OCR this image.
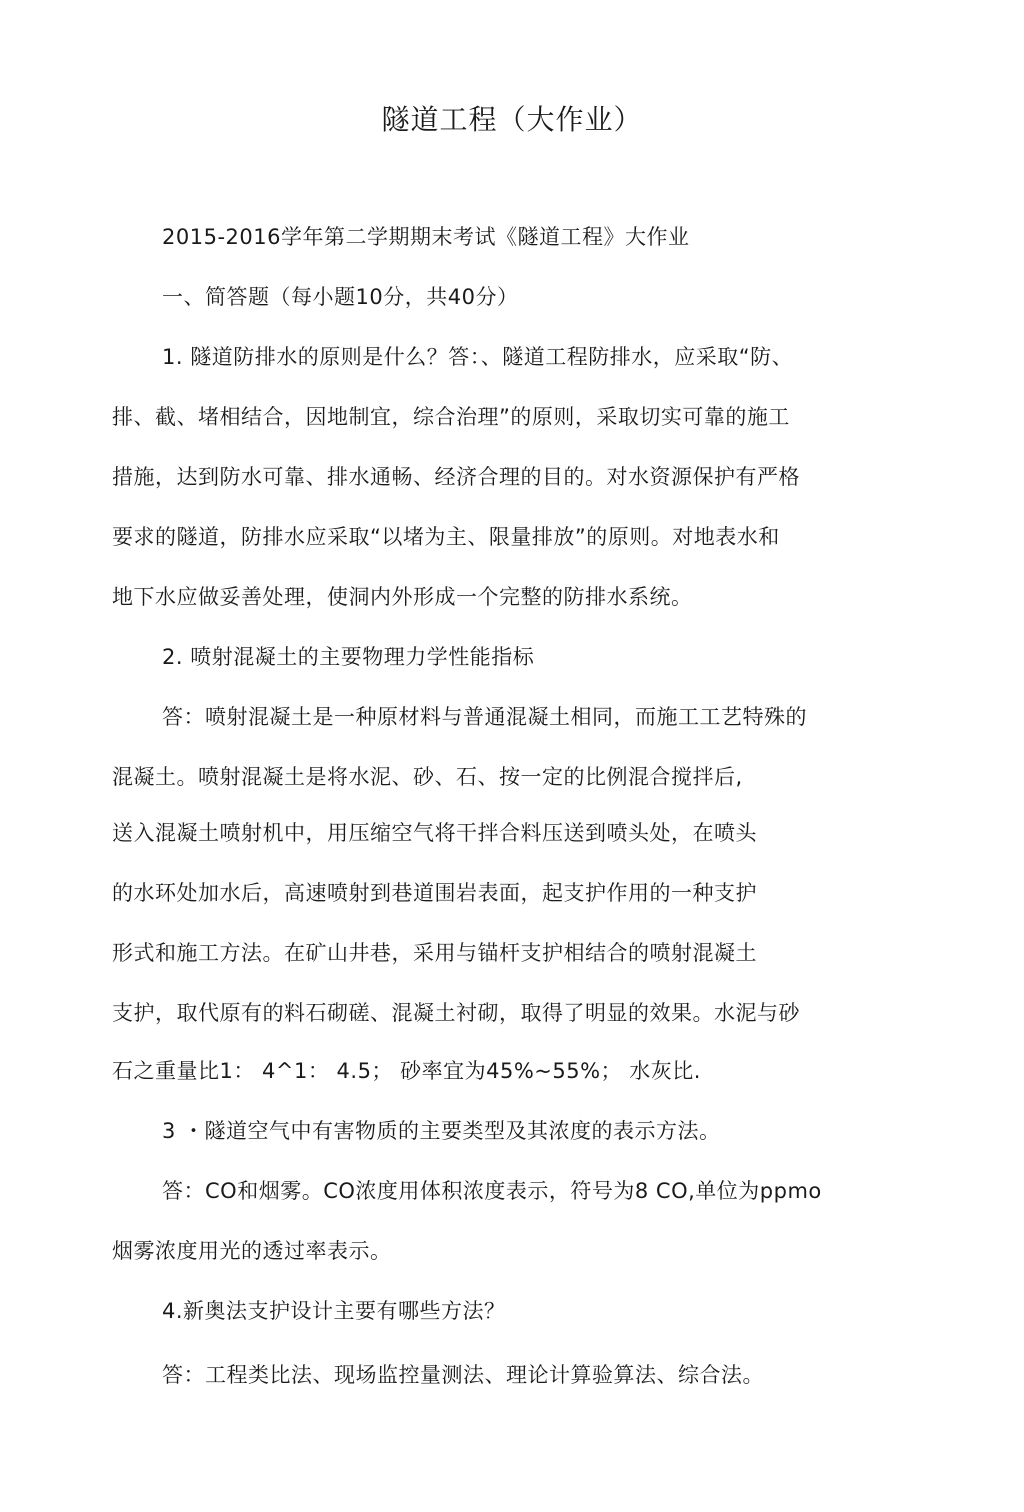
隧道工程（大作业）
2015-2016学年第二学期期末考试《隧道工程》大作业
一、简答题（每小题10分，共40分）
1. 隧道防排水的原则是什么？答：、隧道工程防排水，应采取“防、
排、截、堵相结合，因地制宜，综合治理”的原则，采取切实可靠的施工
措施，达到防水可靠、排水通畅、经济合理的目的。对水资源保护有严格
要求的隧道，防排水应采取“以堵为主、限量排放”的原则。对地表水和
地下水应做妥善处理，使洞内外形成一个完整的防排水系统。
2. 喷射混凝土的主要物理力学性能指标
答：喷射混凝土是一种原材料与普通混凝土相同，而施工工艺特殊的
混凝土。喷射混凝土是将水泥、砂、石、按一定的比例混合搅拌后,
送入混凝土喷射机中，用压缩空气将干拌合料压送到喷头处，在喷头
的水环处加水后，高速喷射到巷道围岩表面，起支护作用的一种支护
形式和施工方法。在矿山井巷，采用与锚杆支护相结合的喷射混凝土
支护，取代原有的料石砌磋、混凝土衬砌，取得了明显的效果。水泥与砂
石之重量比1： 4^1： 4.5； 砂率宜为45%~55%； 水灰比.
3 ・隧道空气中有害物质的主要类型及其浓度的表示方法。
答：CO和烟雾。CO浓度用体积浓度表示，符号为8 CO,单位为ppmo
烟雾浓度用光的透过率表示。
4.新奥法支护设计主要有哪些方法？
答：工程类比法、现场监控量测法、理论计算验算法、综合法。
